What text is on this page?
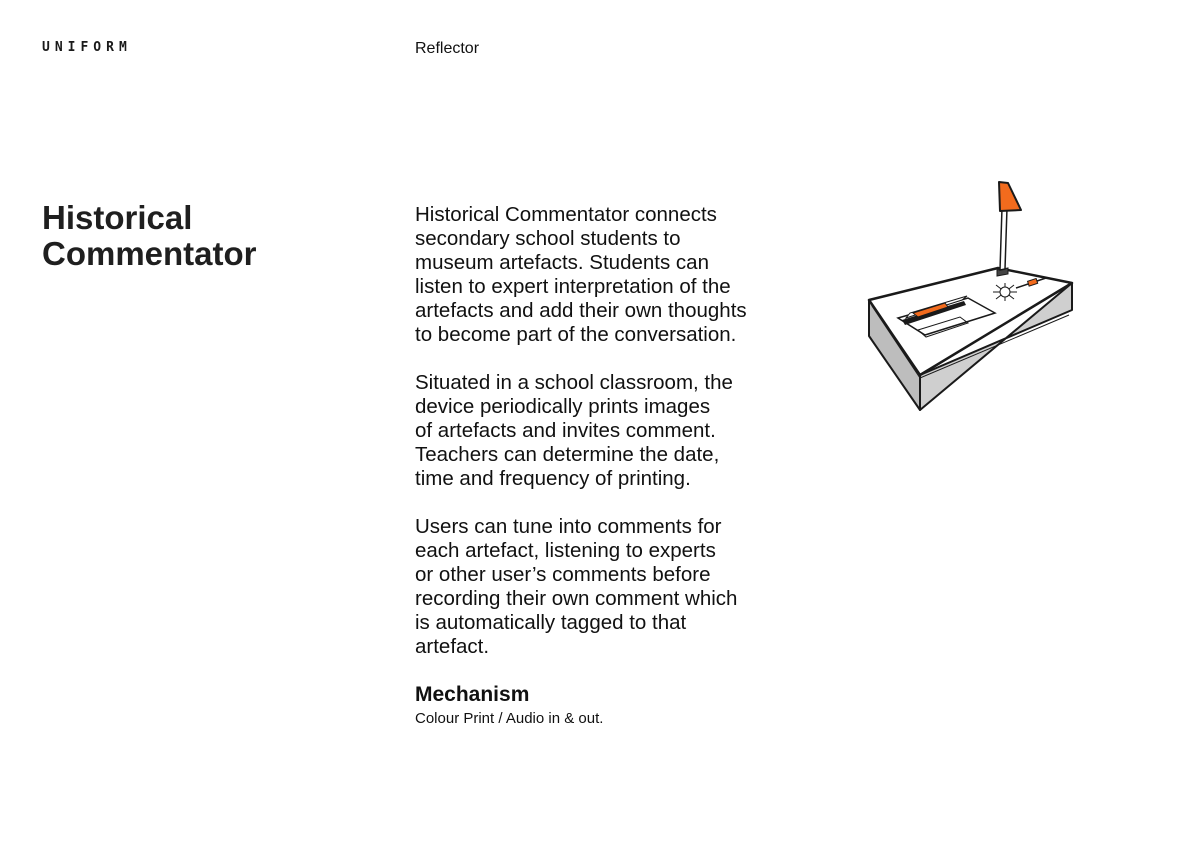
UNIFORM	Reflector
Historical
Commentator

Historical Commentator connects
secondary school students to
museum artefacts. Students can
listen to expert interpretation of the
artefacts and add their own thoughts
to become part of the conversation.

Situated in a school classroom, the
device periodically prints images
of artefacts and invites comment.
Teachers can determine the date,
time and frequency of printing.

Users can tune into comments for
each artefact, listening to experts
or other user’s comments before
recording their own comment which
is automatically tagged to that
artefact.

Mechanism
Colour Print / Audio in & out.
